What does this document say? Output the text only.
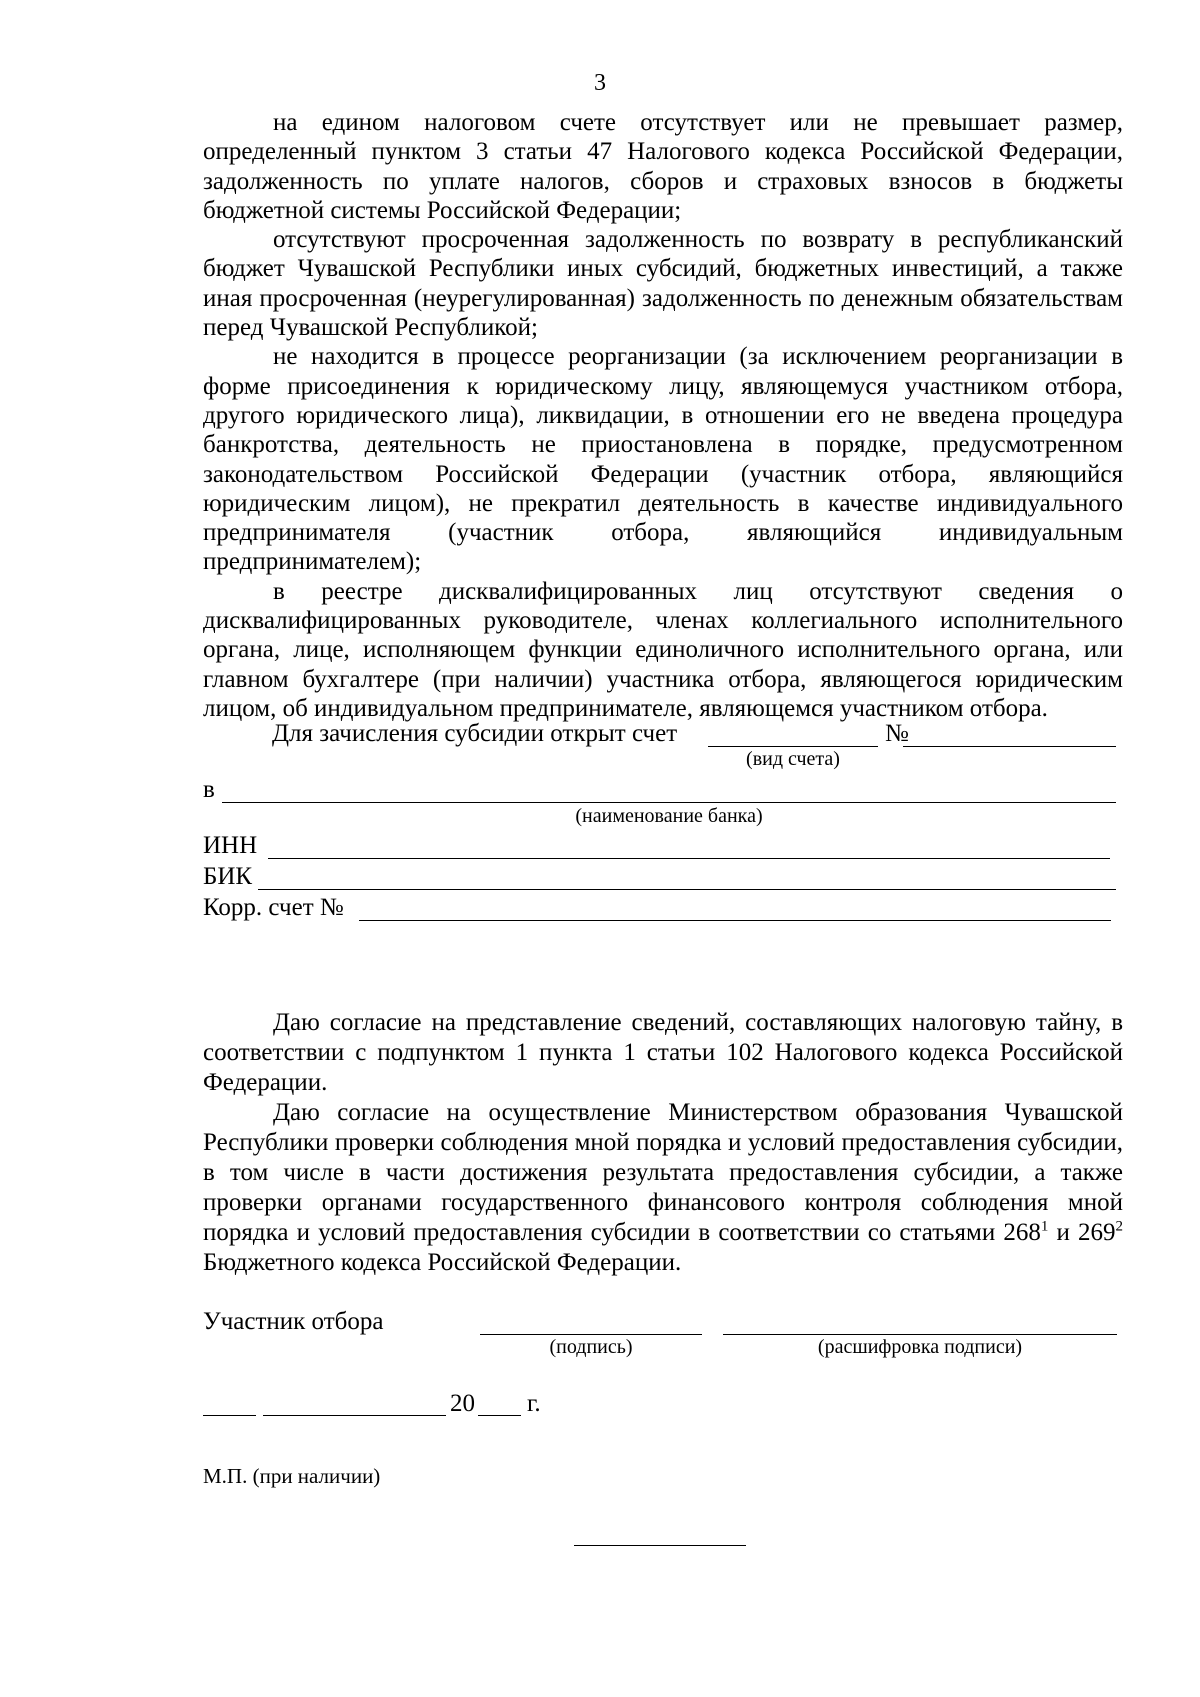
3

на едином налоговом счете отсутствует или не превышает размер, определенный пунктом 3 статьи 47 Налогового кодекса Российской Федерации, задолженность по уплате налогов, сборов и страховых взносов в бюджеты бюджетной системы Российской Федерации;

отсутствуют просроченная задолженность по возврату в республиканский бюджет Чувашской Республики иных субсидий, бюджетных инвестиций, а также иная просроченная (неурегулированная) задолженность по денежным обязательствам перед Чувашской Республикой;

не находится в процессе реорганизации (за исключением реорганизации в форме присоединения к юридическому лицу, являющемуся участником отбора, другого юридического лица), ликвидации, в отношении его не введена процедура банкротства, деятельность не приостановлена в порядке, предусмотренном законодательством Российской Федерации (участник отбора, являющийся юридическим лицом), не прекратил деятельность в качестве индивидуального предпринимателя (участник отбора, являющийся индивидуальным предпринимателем);

в реестре дисквалифицированных лиц отсутствуют сведения о дисквалифицированных руководителе, членах коллегиального исполнительного органа, лице, исполняющем функции единоличного исполнительного органа, или главном бухгалтере (при наличии) участника отбора, являющегося юридическим лицом, об индивидуальном предпринимателе, являющемся участником отбора.

Для зачисления субсидии открыт счет	№
(вид счета)
в
(наименование банка)
ИНН
БИК
Корр. счет №

Даю согласие на представление сведений, составляющих налоговую тайну, в соответствии с подпунктом 1 пункта 1 статьи 102 Налогового кодекса Российской Федерации.

Даю согласие на осуществление Министерством образования Чувашской Республики проверки соблюдения мной порядка и условий предоставления субсидии, в том числе в части достижения результата предоставления субсидии, а также проверки органами государственного финансового контроля соблюдения мной порядка и условий предоставления субсидии в соответствии со статьями $268^1$ и $269^2$ Бюджетного кодекса Российской Федерации.

Участник отбора
(подпись)	(расшифровка подписи)
20 г.
М.П. (при наличии)
